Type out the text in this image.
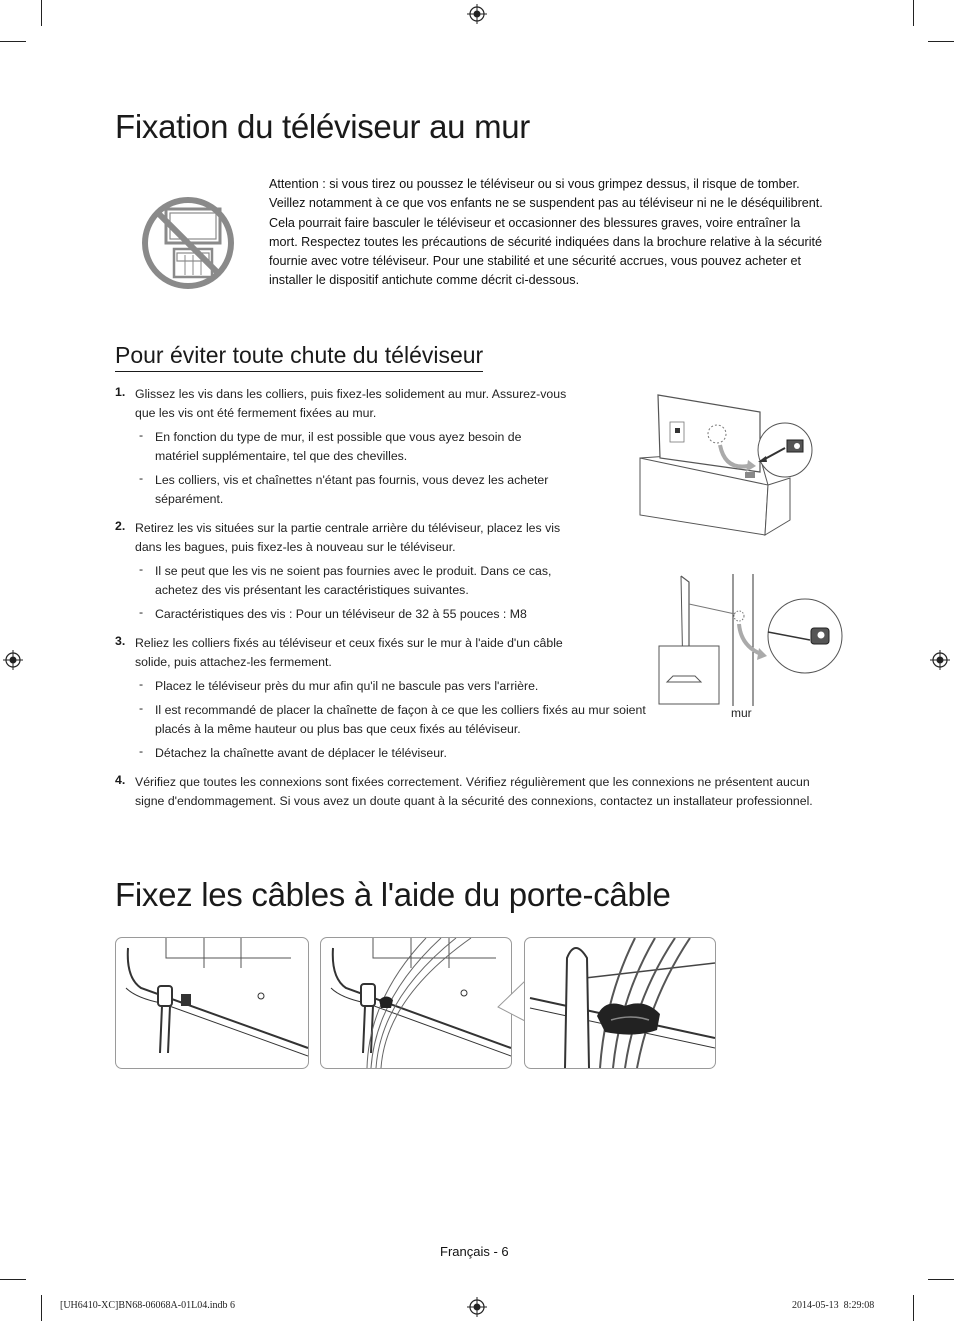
Fixation du téléviseur au mur
Attention : si vous tirez ou poussez le téléviseur ou si vous grimpez dessus, il risque de tomber. Veillez notamment à ce que vos enfants ne se suspendent pas au téléviseur ni ne le déséquilibrent. Cela pourrait faire basculer le téléviseur et occasionner des blessures graves, voire entraîner la mort. Respectez toutes les précautions de sécurité indiquées dans la brochure relative à la sécurité fournie avec votre téléviseur. Pour une stabilité et une sécurité accrues, vous pouvez acheter et installer le dispositif antichute comme décrit ci-dessous.
Pour éviter toute chute du téléviseur
1. Glissez les vis dans les colliers, puis fixez-les solidement au mur. Assurez-vous que les vis ont été fermement fixées au mur.
- En fonction du type de mur, il est possible que vous ayez besoin de matériel supplémentaire, tel que des chevilles.
- Les colliers, vis et chaînettes n'étant pas fournis, vous devez les acheter séparément.
2. Retirez les vis situées sur la partie centrale arrière du téléviseur, placez les vis dans les bagues, puis fixez-les à nouveau sur le téléviseur.
- Il se peut que les vis ne soient pas fournies avec le produit. Dans ce cas, achetez des vis présentant les caractéristiques suivantes.
- Caractéristiques des vis : Pour un téléviseur de 32 à 55 pouces : M8
3. Reliez les colliers fixés au téléviseur et ceux fixés sur le mur à l'aide d'un câble solide, puis attachez-les fermement.
- Placez le téléviseur près du mur afin qu'il ne bascule pas vers l'arrière.
- Il est recommandé de placer la chaînette de façon à ce que les colliers fixés au mur soient placés à la même hauteur ou plus bas que ceux fixés au téléviseur.
- Détachez la chaînette avant de déplacer le téléviseur.
4. Vérifiez que toutes les connexions sont fixées correctement. Vérifiez régulièrement que les connexions ne présentent aucun signe d'endommagement. Si vous avez un doute quant à la sécurité des connexions, contactez un installateur professionnel.
mur
Fixez les câbles à l'aide du porte-câble
Français - 6
[UH6410-XC]BN68-06068A-01L04.indb 6	2014-05-13 ﻿ 8:29:08
